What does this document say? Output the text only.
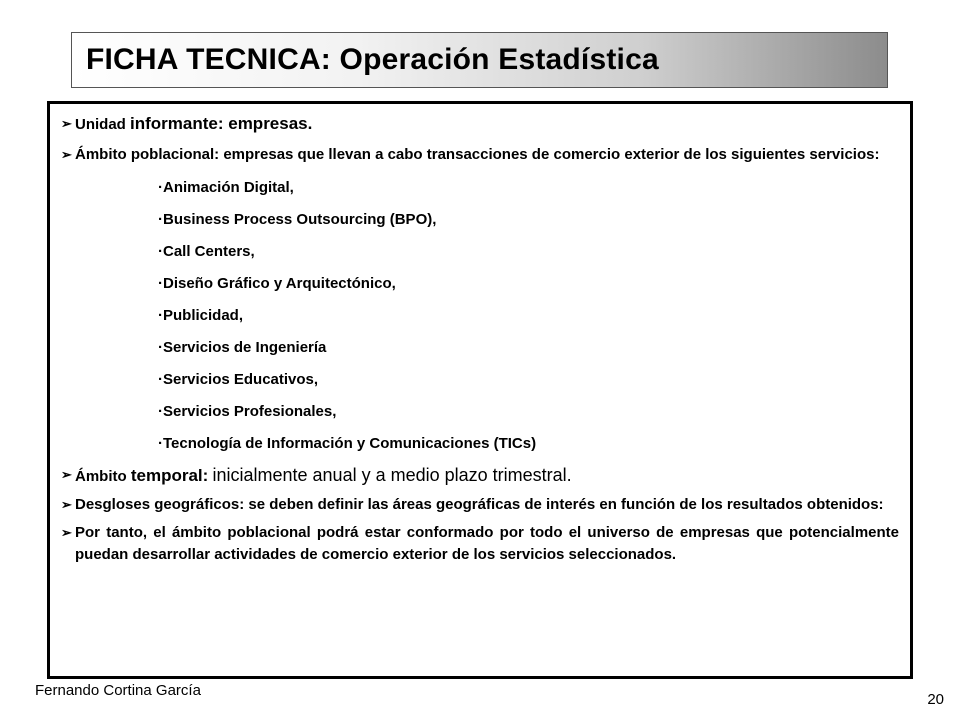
FICHA TECNICA: Operación Estadística
➢ Unidad informante: empresas.
➢ Ámbito poblacional: empresas que llevan a cabo transacciones de comercio exterior de los siguientes servicios:
·Animación Digital,
·Business Process Outsourcing (BPO),
·Call Centers,
·Diseño Gráfico y Arquitectónico,
·Publicidad,
·Servicios de Ingeniería
·Servicios Educativos,
·Servicios Profesionales,
·Tecnología de Información y Comunicaciones (TICs)
➢ Ámbito temporal: inicialmente anual y a medio plazo trimestral.
➢ Desgloses geográficos: se deben definir las áreas geográficas de interés en función de los resultados obtenidos:
➢ Por tanto, el ámbito poblacional podrá estar conformado por todo el universo de empresas que potencialmente puedan desarrollar actividades de comercio exterior de los servicios seleccionados.
Fernando Cortina García
20
